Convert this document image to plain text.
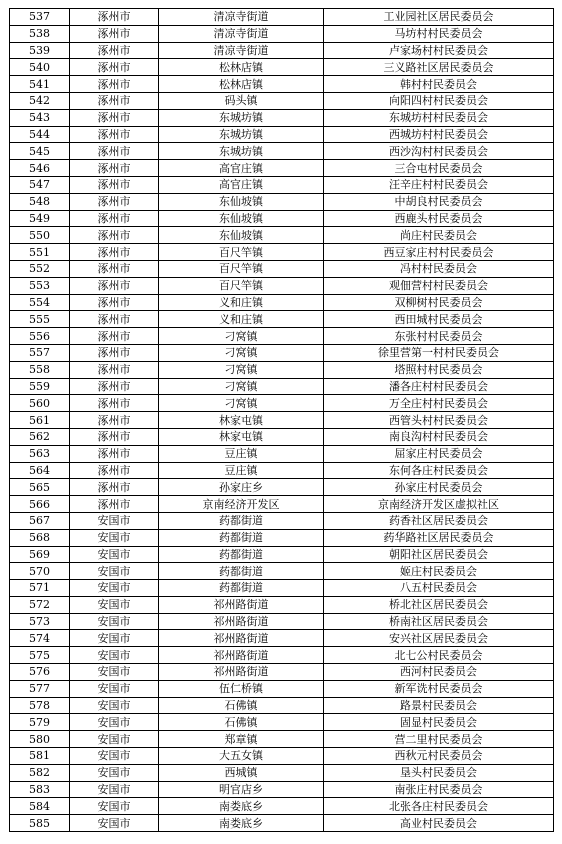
537	涿州市	清凉寺街道	工业园社区居民委员会
538	涿州市	清凉寺街道	马坊村村民委员会
539	涿州市	清凉寺街道	卢家场村村民委员会
540	涿州市	松林店镇	三义路社区居民委员会
541	涿州市	松林店镇	韩村村民委员会
542	涿州市	码头镇	向阳四村村民委员会
543	涿州市	东城坊镇	东城坊村村民委员会
544	涿州市	东城坊镇	西城坊村村民委员会
545	涿州市	东城坊镇	西沙沟村村民委员会
546	涿州市	高官庄镇	三合屯村民委员会
547	涿州市	高官庄镇	汪辛庄村村民委员会
548	涿州市	东仙坡镇	中胡良村民委员会
549	涿州市	东仙坡镇	西鹿头村民委员会
550	涿州市	东仙坡镇	尚庄村民委员会
551	涿州市	百尺竿镇	西豆家庄村村民委员会
552	涿州市	百尺竿镇	冯村村民委员会
553	涿州市	百尺竿镇	观佃营村村民委员会
554	涿州市	义和庄镇	双柳树村民委员会
555	涿州市	义和庄镇	西田城村民委员会
556	涿州市	刁窝镇	东张村村民委员会
557	涿州市	刁窝镇	徐里营第一村村民委员会
558	涿州市	刁窝镇	塔照村村民委员会
559	涿州市	刁窝镇	潘各庄村村民委员会
560	涿州市	刁窝镇	万全庄村村民委员会
561	涿州市	林家屯镇	西管头村村民委员会
562	涿州市	林家屯镇	南良沟村村民委员会
563	涿州市	豆庄镇	屈家庄村民委员会
564	涿州市	豆庄镇	东何各庄村民委员会
565	涿州市	孙家庄乡	孙家庄村民委员会
566	涿州市	京南经济开发区	京南经济开发区虚拟社区
567	安国市	药都街道	药香社区居民委员会
568	安国市	药都街道	药华路社区居民委员会
569	安国市	药都街道	朝阳社区居民委员会
570	安国市	药都街道	姬庄村民委员会
571	安国市	药都街道	八五村民委员会
572	安国市	祁州路街道	桥北社区居民委员会
573	安国市	祁州路街道	桥南社区居民委员会
574	安国市	祁州路街道	安兴社区居民委员会
575	安国市	祁州路街道	北七公村民委员会
576	安国市	祁州路街道	西河村民委员会
577	安国市	伍仁桥镇	新军诜村民委员会
578	安国市	石佛镇	路景村民委员会
579	安国市	石佛镇	固显村民委员会
580	安国市	郑章镇	营二里村民委员会
581	安国市	大五女镇	西秋元村民委员会
582	安国市	西城镇	垦头村民委员会
583	安国市	明官店乡	南张庄村民委员会
584	安国市	南娄底乡	北张各庄村民委员会
585	安国市	南娄底乡	高业村民委员会
